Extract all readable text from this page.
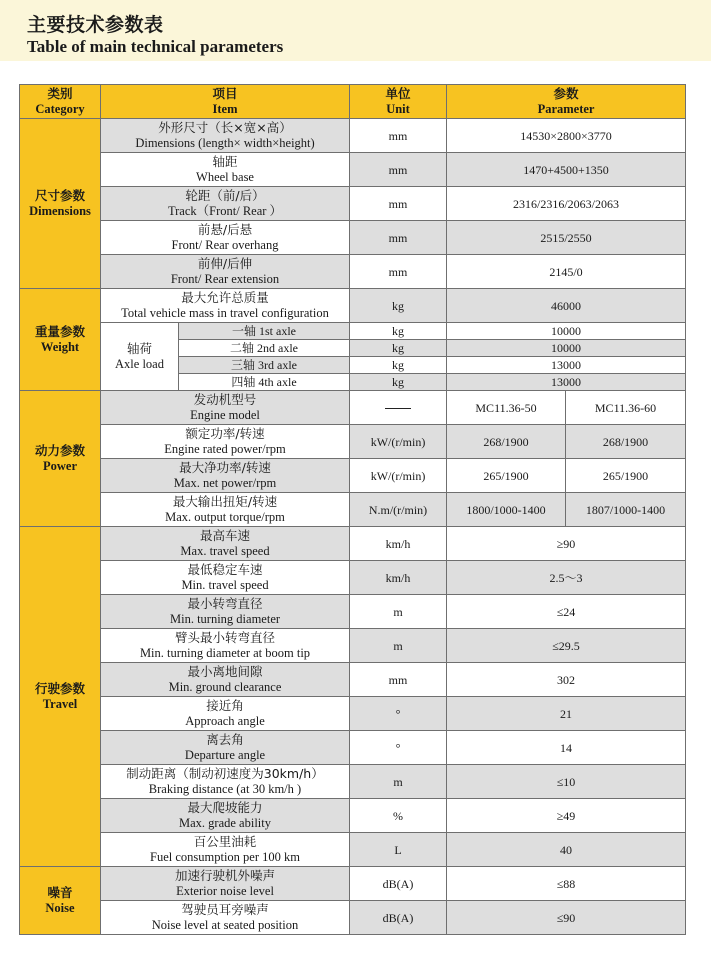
主要技术参数表
Table of main technical parameters
类别
Category	项目
Item		单位
Unit	参数
Parameter	

尺寸参数
Dimensions	外形尺寸（长×宽×高）
Dimensions (length× width×height)		mm	14530×2800×3770	

	轴距
Wheel base		mm	1470+4500+1350	

	轮距（前/后）
Track（Front/ Rear ）		mm	2316/2316/2063/2063	

	前悬/后悬
Front/ Rear overhang		mm	2515/2550	

	前伸/后伸
Front/ Rear extension		mm	2145/0	

重量参数
Weight	最大允许总质量
Total vehicle mass in travel configuration		kg	46000	

	轴荷
Axle load	一轴 1st axle	kg	10000	
		二轴 2nd axle	kg	10000	
		三轴 3rd axle	kg	13000	
		四轴 4th axle	kg	13000	

动力参数
Power	发动机型号
Engine model			MC11.36-50	MC11.36-60

	额定功率/转速
Engine rated power/rpm		kW/(r/min)	268/1900	268/1900

	最大净功率/转速
Max. net power/rpm		kW/(r/min)	265/1900	265/1900

	最大输出扭矩/转速
Max. output torque/rpm		N.m/(r/min)	1800/1000-1400	1807/1000-1400

行驶参数
Travel	最高车速
Max. travel speed		km/h	≥90	

	最低稳定车速
Min. travel speed		km/h	2.5～3	

	最小转弯直径
Min. turning diameter		m	≤24	

	臂头最小转弯直径
Min. turning diameter at boom tip		m	≤29.5	

	最小离地间隙
Min. ground clearance		mm	302	

	接近角
Approach angle		°	21	

	离去角
Departure angle		°	14	

	制动距离（制动初速度为30km/h）
Braking distance (at 30 km/h )		m	≤10	

	最大爬坡能力
Max. grade ability		%	≥49	

	百公里油耗
Fuel consumption per 100 km		L	40	

噪音
Noise	加速行驶机外噪声
Exterior noise level		dB(A)	≤88	

	驾驶员耳旁噪声
Noise level at seated position		dB(A)	≤90	
